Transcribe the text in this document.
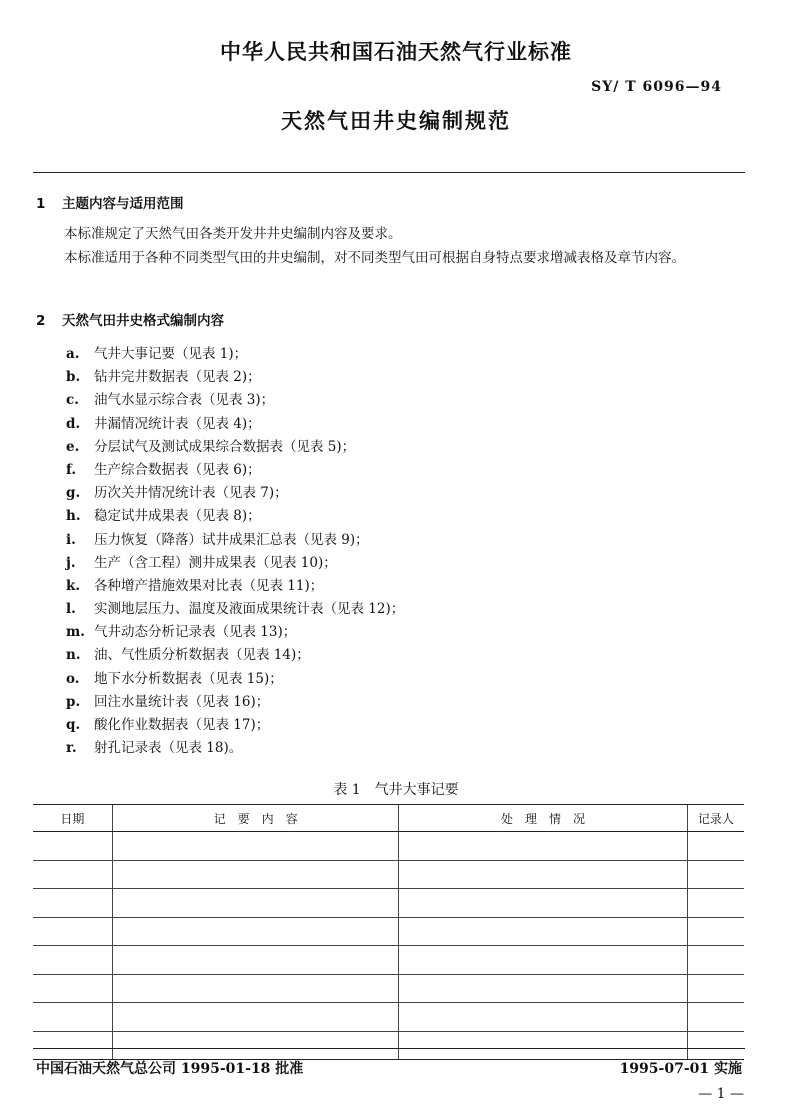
中华人民共和国石油天然气行业标准
SY/ T 6096—94
天然气田井史编制规范
1 主题内容与适用范围
本标准规定了天然气田各类开发井井史编制内容及要求。
本标准适用于各种不同类型气田的井史编制，对不同类型气田可根据自身特点要求增减表格及章节内容。
2 天然气田井史格式编制内容
a. 气井大事记要（见表 1)；
b. 钻井完井数据表（见表 2)；
c. 油气水显示综合表（见表 3)；
d. 井漏情况统计表（见表 4)；
e. 分层试气及测试成果综合数据表（见表 5)；
f. 生产综合数据表（见表 6)；
g. 历次关井情况统计表（见表 7)；
h. 稳定试井成果表（见表 8)；
i. 压力恢复（降落）试井成果汇总表（见表 9)；
j. 生产（含工程）测井成果表（见表 10)；
k. 各种增产措施效果对比表（见表 11)；
l. 实测地层压力、温度及液面成果统计表（见表 12)；
m. 气井动态分析记录表（见表 13)；
n. 油、气性质分析数据表（见表 14)；
o. 地下水分析数据表（见表 15)；
p. 回注水量统计表（见表 16)；
q. 酸化作业数据表（见表 17)；
r. 射孔记录表（见表 18)。
表 1　气井大事记要
日期	记　要　内　容	处　理　情　况	记录人

中国石油天然气总公司 1995-01-18 批准	1995-07-01 实施
— 1 —
